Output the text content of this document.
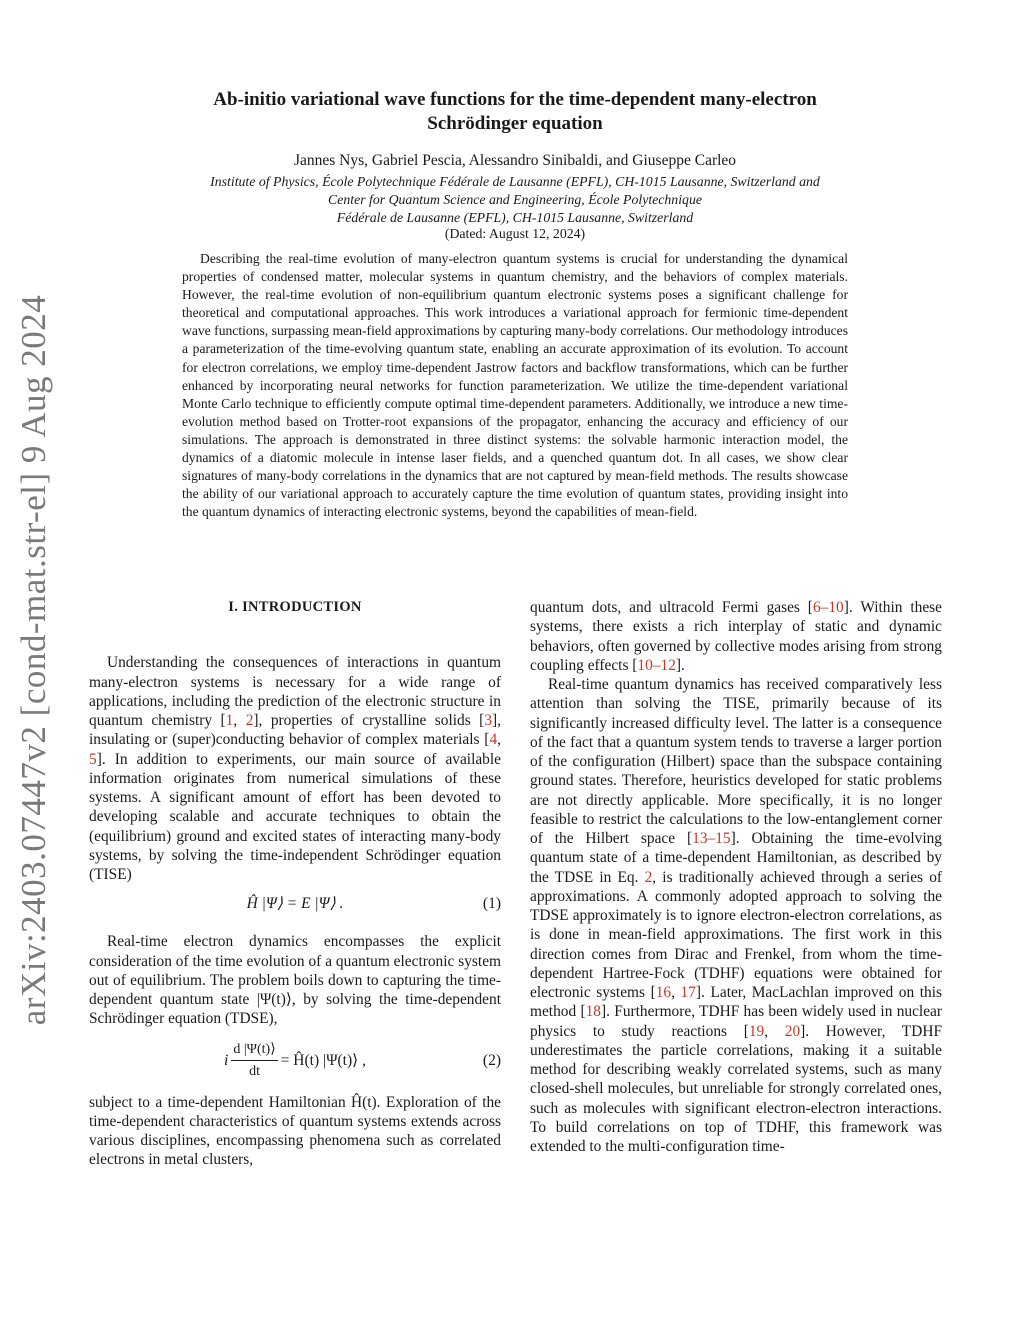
arXiv:2403.07447v2 [cond-mat.str-el] 9 Aug 2024
Ab-initio variational wave functions for the time-dependent many-electron
Schrödinger equation
Jannes Nys, Gabriel Pescia, Alessandro Sinibaldi, and Giuseppe Carleo
Institute of Physics, École Polytechnique Fédérale de Lausanne (EPFL), CH-1015 Lausanne, Switzerland and
Center for Quantum Science and Engineering, École Polytechnique
Fédérale de Lausanne (EPFL), CH-1015 Lausanne, Switzerland
(Dated: August 12, 2024)

Describing the real-time evolution of many-electron quantum systems is crucial for understanding the dynamical properties of condensed matter, molecular systems in quantum chemistry, and the behaviors of complex materials. However, the real-time evolution of non-equilibrium quantum electronic systems poses a significant challenge for theoretical and computational approaches. This work introduces a variational approach for fermionic time-dependent wave functions, surpassing mean-field approximations by capturing many-body correlations. Our methodology introduces a parameterization of the time-evolving quantum state, enabling an accurate approximation of its evolution. To account for electron correlations, we employ time-dependent Jastrow factors and backflow transformations, which can be further enhanced by incorporating neural networks for function parameterization. We utilize the time-dependent variational Monte Carlo technique to efficiently compute optimal time-dependent parameters. Additionally, we introduce a new time-evolution method based on Trotter-root expansions of the propagator, enhancing the accuracy and efficiency of our simulations. The approach is demonstrated in three distinct systems: the solvable harmonic interaction model, the dynamics of a diatomic molecule in intense laser fields, and a quenched quantum dot. In all cases, we show clear signatures of many-body correlations in the dynamics that are not captured by mean-field methods. The results showcase the ability of our variational approach to accurately capture the time evolution of quantum states, providing insight into the quantum dynamics of interacting electronic systems, beyond the capabilities of mean-field.

I. INTRODUCTION

Understanding the consequences of interactions in quantum many-electron systems is necessary for a wide range of applications, including the prediction of the electronic structure in quantum chemistry [1, 2], properties of crystalline solids [3], insulating or (super)conducting behavior of complex materials [4, 5]. In addition to experiments, our main source of available information originates from numerical simulations of these systems. A significant amount of effort has been devoted to developing scalable and accurate techniques to obtain the (equilibrium) ground and excited states of interacting many-body systems, by solving the time-independent Schrödinger equation (TISE)

Ĥ |Ψ⟩ = E |Ψ⟩ .	(1)

Real-time electron dynamics encompasses the explicit consideration of the time evolution of a quantum electronic system out of equilibrium. The problem boils down to capturing the time-dependent quantum state |Ψ(t)⟩, by solving the time-dependent Schrödinger equation (TDSE),

i $\frac{d |\Psi(t)⟩}{dt}$ = Ĥ(t) |Ψ(t)⟩ ,	(2)

subject to a time-dependent Hamiltonian Ĥ(t). Exploration of the time-dependent characteristics of quantum systems extends across various disciplines, encompassing phenomena such as correlated electrons in metal clusters,

quantum dots, and ultracold Fermi gases [6–10]. Within these systems, there exists a rich interplay of static and dynamic behaviors, often governed by collective modes arising from strong coupling effects [10–12].

Real-time quantum dynamics has received comparatively less attention than solving the TISE, primarily because of its significantly increased difficulty level. The latter is a consequence of the fact that a quantum system tends to traverse a larger portion of the configuration (Hilbert) space than the subspace containing ground states. Therefore, heuristics developed for static problems are not directly applicable. More specifically, it is no longer feasible to restrict the calculations to the low-entanglement corner of the Hilbert space [13–15]. Obtaining the time-evolving quantum state of a time-dependent Hamiltonian, as described by the TDSE in Eq. 2, is traditionally achieved through a series of approximations. A commonly adopted approach to solving the TDSE approximately is to ignore electron-electron correlations, as is done in mean-field approximations. The first work in this direction comes from Dirac and Frenkel, from whom the time-dependent Hartree-Fock (TDHF) equations were obtained for electronic systems [16, 17]. Later, MacLachlan improved on this method [18]. Furthermore, TDHF has been widely used in nuclear physics to study reactions [19, 20]. However, TDHF underestimates the particle correlations, making it a suitable method for describing weakly correlated systems, such as many closed-shell molecules, but unreliable for strongly correlated ones, such as molecules with significant electron-electron interactions. To build correlations on top of TDHF, this framework was extended to the multi-configuration time-
